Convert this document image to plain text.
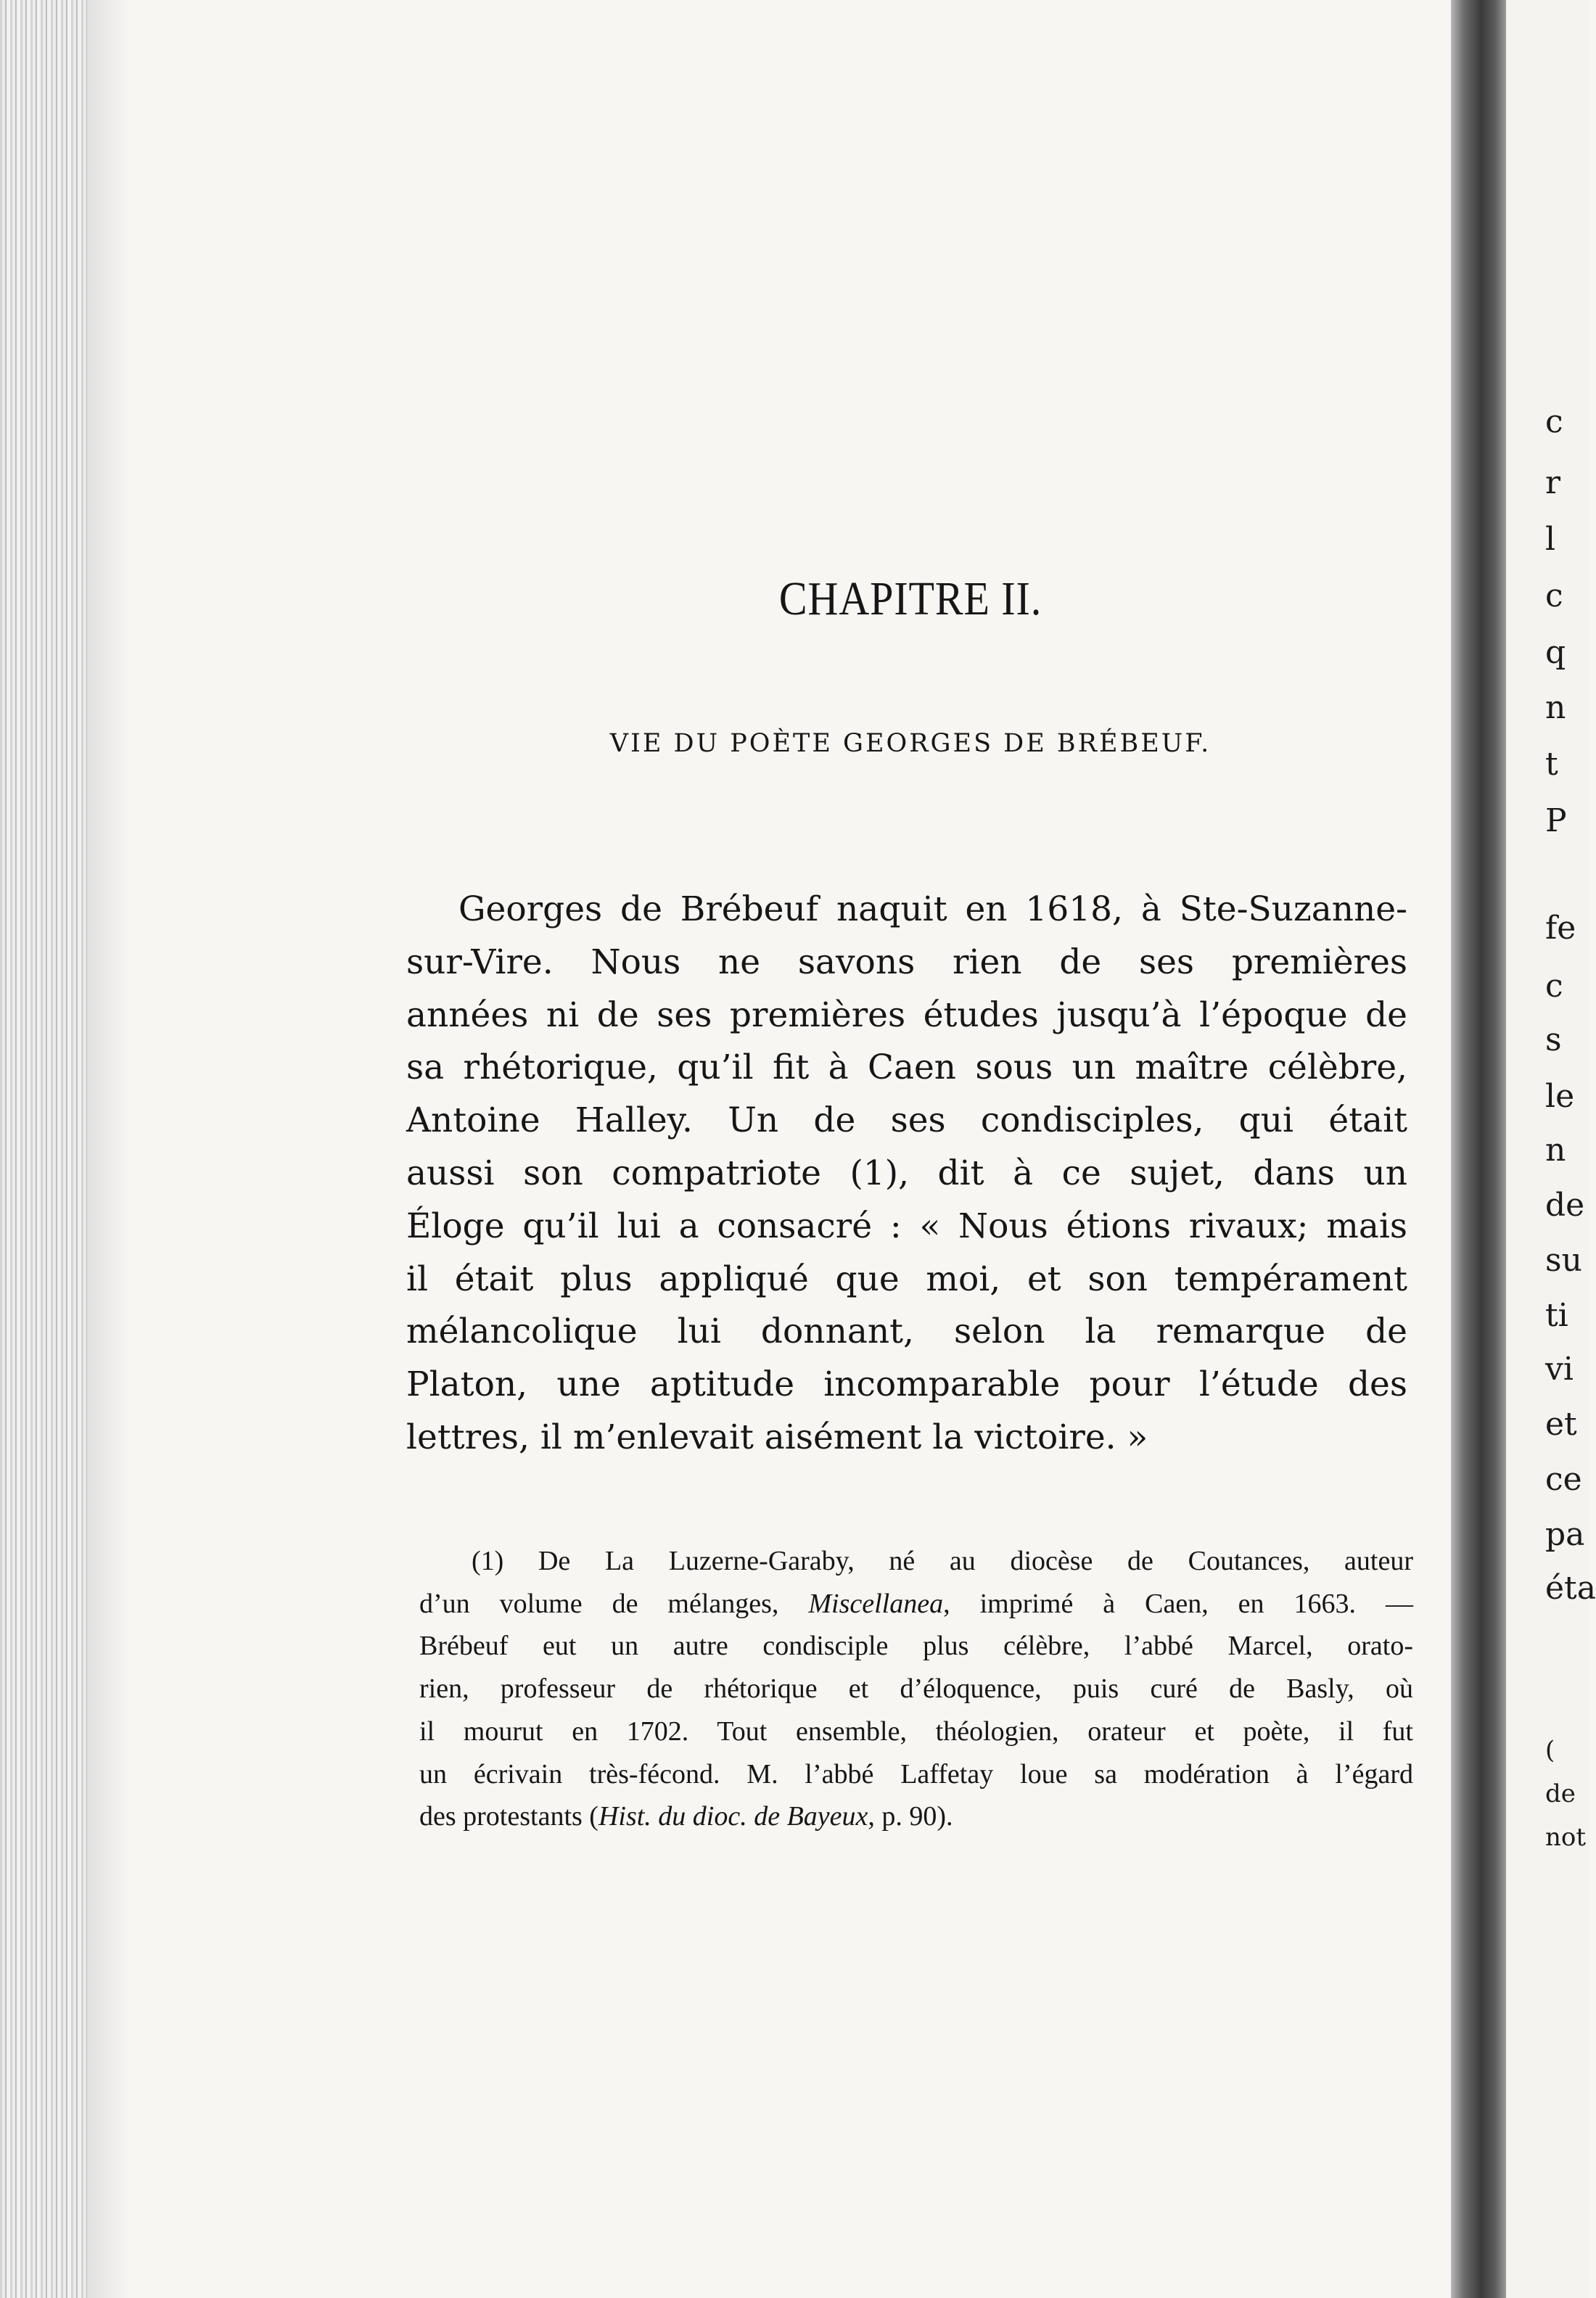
CHAPITRE II.
VIE DU POÈTE GEORGES DE BRÉBEUF.
Georges de Brébeuf naquit en 1618, à Ste-Suzanne-
sur-Vire. Nous ne savons rien de ses premières
années ni de ses premières études jusqu’à l’époque de
sa rhétorique, qu’il fit à Caen sous un maître célèbre,
Antoine Halley. Un de ses condisciples, qui était
aussi son compatriote (1), dit à ce sujet, dans un
Éloge qu’il lui a consacré : « Nous étions rivaux; mais
il était plus appliqué que moi, et son tempérament
mélancolique lui donnant, selon la remarque de
Platon, une aptitude incomparable pour l’étude des
lettres, il m’enlevait aisément la victoire. »
(1) De La Luzerne-Garaby, né au diocèse de Coutances, auteur
d’un volume de mélanges, Miscellanea, imprimé à Caen, en 1663. —
Brébeuf eut un autre condisciple plus célèbre, l’abbé Marcel, orato-
rien, professeur de rhétorique et d’éloquence, puis curé de Basly, où
il mourut en 1702. Tout ensemble, théologien, orateur et poète, il fut
un écrivain très-fécond. M. l’abbé Laffetay loue sa modération à l’égard
des protestants (Hist. du dioc. de Bayeux, p. 90).
c
r
l
c
q
n
t
P
fe
c
s
le
n
de
su
ti
vi
et
ce
pa
éta
(
de
not
